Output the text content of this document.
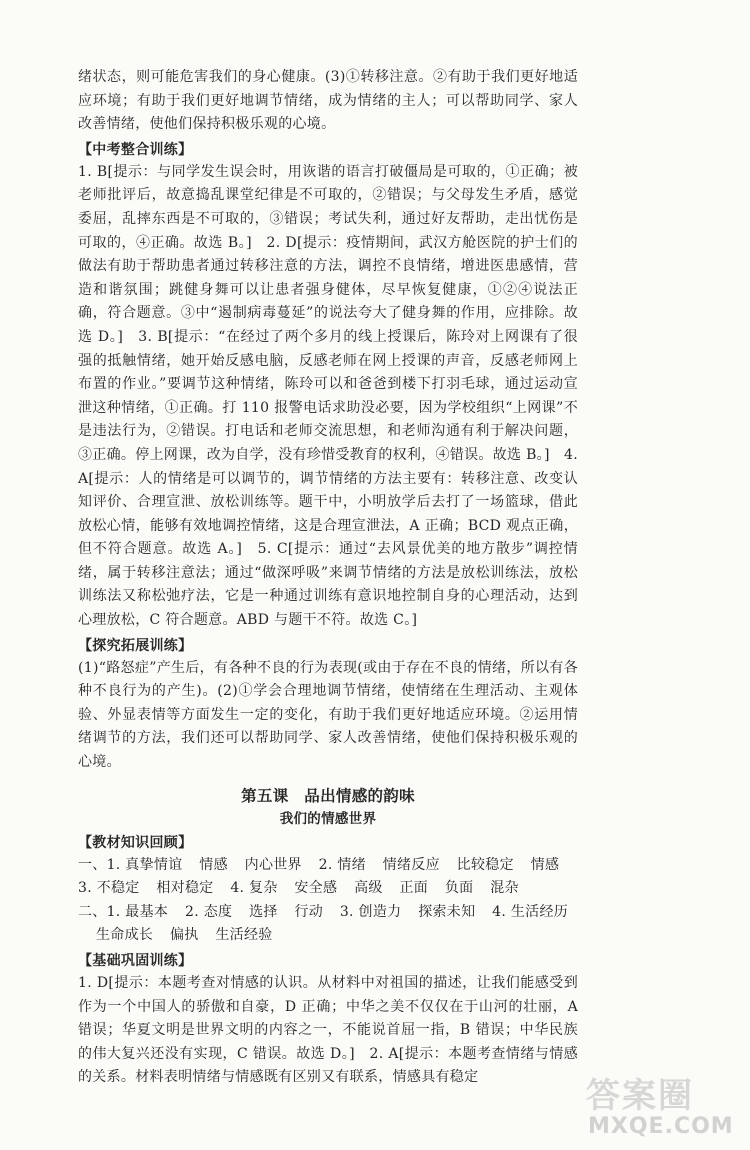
绪状态，则可能危害我们的身心健康。(3)①转移注意。②有助于我们更好地适应环境；有助于我们更好地调节情绪，成为情绪的主人；可以帮助同学、家人改善情绪，使他们保持积极乐观的心境。

【中考整合训练】

1. B[提示：与同学发生误会时，用诙谐的语言打破僵局是可取的，①正确；被老师批评后，故意捣乱课堂纪律是不可取的，②错误；与父母发生矛盾，感觉委屈，乱摔东西是不可取的，③错误；考试失利，通过好友帮助，走出忧伤是可取的，④正确。故选 B。]　2. D[提示：疫情期间，武汉方舱医院的护士们的做法有助于帮助患者通过转移注意的方法，调控不良情绪，增进医患感情，营造和谐氛围；跳健身舞可以让患者强身健体，尽早恢复健康，①②④说法正确，符合题意。③中“遏制病毒蔓延”的说法夸大了健身舞的作用，应排除。故选 D。]　3. B[提示：“在经过了两个多月的线上授课后，陈玲对上网课有了很强的抵触情绪，她开始反感电脑，反感老师在网上授课的声音，反感老师网上布置的作业。”要调节这种情绪，陈玲可以和爸爸到楼下打羽毛球，通过运动宣泄这种情绪，①正确。打 110 报警电话求助没必要，因为学校组织“上网课”不是违法行为，②错误。打电话和老师交流思想，和老师沟通有利于解决问题，③正确。停上网课，改为自学，没有珍惜受教育的权利，④错误。故选 B。]　4. A[提示：人的情绪是可以调节的，调节情绪的方法主要有：转移注意、改变认知评价、合理宣泄、放松训练等。题干中，小明放学后去打了一场篮球，借此放松心情，能够有效地调控情绪，这是合理宣泄法，A 正确；BCD 观点正确，但不符合题意。故选 A。]　5. C[提示：通过“去风景优美的地方散步”调控情绪，属于转移注意法；通过“做深呼吸”来调节情绪的方法是放松训练法，放松训练法又称松弛疗法，它是一种通过训练有意识地控制自身的心理活动，达到心理放松，C 符合题意。ABD 与题干不符。故选 C。]

【探究拓展训练】

(1)“路怒症”产生后，有各种不良的行为表现(或由于存在不良的情绪，所以有各种不良行为的产生)。(2)①学会合理地调节情绪，使情绪在生理活动、主观体验、外显表情等方面发生一定的变化，有助于我们更好地适应环境。②运用情绪调节的方法，我们还可以帮助同学、家人改善情绪，使他们保持积极乐观的心境。

第五课　品出情感的韵味

我们的情感世界

【教材知识回顾】

一、1. 真挚情谊 情感 内心世界 2. 情绪 情绪反应 比较稳定 情感

3. 不稳定 相对稳定 4. 复杂 安全感 高级 正面 负面 混杂

二、1. 最基本 2. 态度 选择 行动 3. 创造力 探索未知 4. 生活经历

生命成长 偏执 生活经验

【基础巩固训练】

1. D[提示：本题考查对情感的认识。从材料中对祖国的描述，让我们能感受到作为一个中国人的骄傲和自豪，D 正确；中华之美不仅仅在于山河的壮丽，A 错误；华夏文明是世界文明的内容之一，不能说首屈一指，B 错误；中华民族的伟大复兴还没有实现，C 错误。故选 D。]　2. A[提示：本题考查情绪与情感的关系。材料表明情绪与情感既有区别又有联系，情感具有稳定	答案圈
MXQE.COM
